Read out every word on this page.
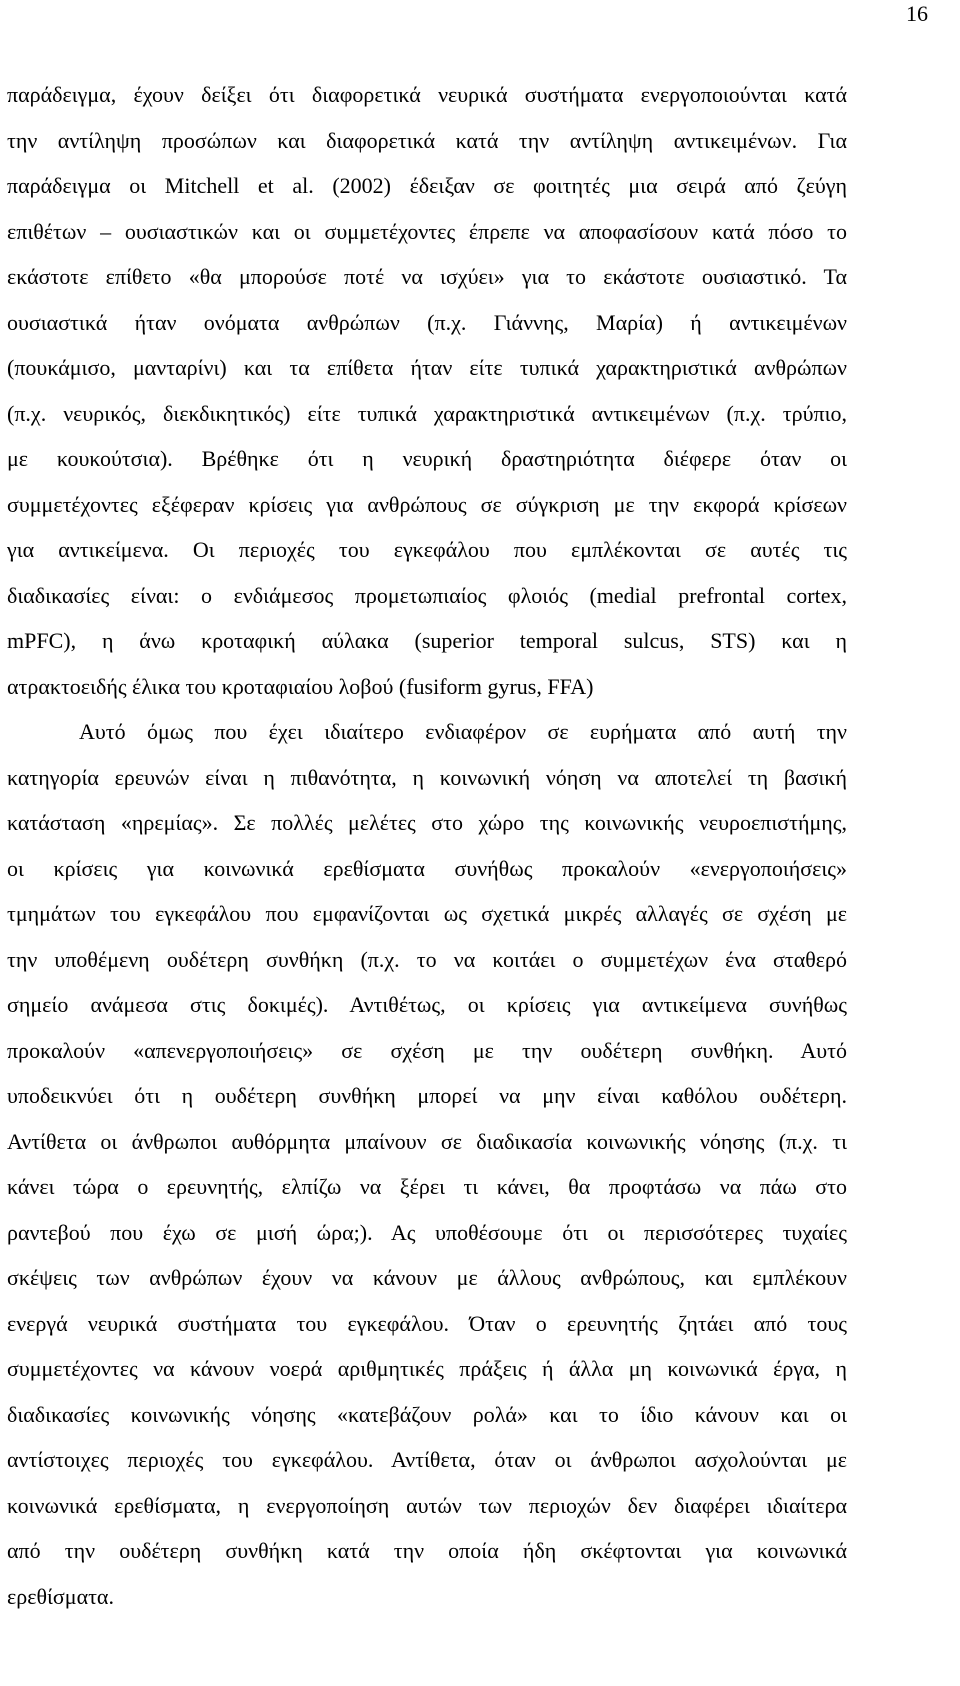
16

παράδειγμα, έχουν δείξει ότι διαφορετικά νευρικά συστήματα ενεργοποιούνται κατά
την αντίληψη προσώπων και διαφορετικά κατά την αντίληψη αντικειμένων. Για
παράδειγμα οι Mitchell et al. (2002) έδειξαν σε φοιτητές μια σειρά από ζεύγη
επιθέτων – ουσιαστικών και οι συμμετέχοντες έπρεπε να αποφασίσουν κατά πόσο το
εκάστοτε επίθετο «θα μπορούσε ποτέ να ισχύει» για το εκάστοτε ουσιαστικό. Τα
ουσιαστικά ήταν ονόματα ανθρώπων (π.χ. Γιάννης, Μαρία) ή αντικειμένων
(πουκάμισο, μανταρίνι) και τα επίθετα ήταν είτε τυπικά χαρακτηριστικά ανθρώπων
(π.χ. νευρικός, διεκδικητικός) είτε τυπικά χαρακτηριστικά αντικειμένων (π.χ. τρύπιο,
με κουκούτσια). Βρέθηκε ότι η νευρική δραστηριότητα διέφερε όταν οι
συμμετέχοντες εξέφεραν κρίσεις για ανθρώπους σε σύγκριση με την εκφορά κρίσεων
για αντικείμενα. Οι περιοχές του εγκεφάλου που εμπλέκονται σε αυτές τις
διαδικασίες είναι: ο ενδιάμεσος προμετωπιαίος φλοιός (medial prefrontal cortex,
mPFC), η άνω κροταφική αύλακα (superior temporal sulcus, STS) και η
ατρακτοειδής έλικα του κροταφιαίου λοβού (fusiform gyrus, FFA)

Αυτό όμως που έχει ιδιαίτερο ενδιαφέρον σε ευρήματα από αυτή την
κατηγορία ερευνών είναι η πιθανότητα, η κοινωνική νόηση να αποτελεί τη βασική
κατάσταση «ηρεμίας». Σε πολλές μελέτες στο χώρο της κοινωνικής νευροεπιστήμης,
οι κρίσεις για κοινωνικά ερεθίσματα συνήθως προκαλούν «ενεργοποιήσεις»
τμημάτων του εγκεφάλου που εμφανίζονται ως σχετικά μικρές αλλαγές σε σχέση με
την υποθέμενη ουδέτερη συνθήκη (π.χ. το να κοιτάει ο συμμετέχων ένα σταθερό
σημείο ανάμεσα στις δοκιμές). Αντιθέτως, οι κρίσεις για αντικείμενα συνήθως
προκαλούν «απενεργοποιήσεις» σε σχέση με την ουδέτερη συνθήκη. Αυτό
υποδεικνύει ότι η ουδέτερη συνθήκη μπορεί να μην είναι καθόλου ουδέτερη.
Αντίθετα οι άνθρωποι αυθόρμητα μπαίνουν σε διαδικασία κοινωνικής νόησης (π.χ. τι
κάνει τώρα ο ερευνητής, ελπίζω να ξέρει τι κάνει, θα προφτάσω να πάω στο
ραντεβού που έχω σε μισή ώρα;). Ας υποθέσουμε ότι οι περισσότερες τυχαίες
σκέψεις των ανθρώπων έχουν να κάνουν με άλλους ανθρώπους, και εμπλέκουν
ενεργά νευρικά συστήματα του εγκεφάλου. Όταν ο ερευνητής ζητάει από τους
συμμετέχοντες να κάνουν νοερά αριθμητικές πράξεις ή άλλα μη κοινωνικά έργα, η
διαδικασίες κοινωνικής νόησης «κατεβάζουν ρολά» και το ίδιο κάνουν και οι
αντίστοιχες περιοχές του εγκεφάλου. Αντίθετα, όταν οι άνθρωποι ασχολούνται με
κοινωνικά ερεθίσματα, η ενεργοποίηση αυτών των περιοχών δεν διαφέρει ιδιαίτερα
από την ουδέτερη συνθήκη κατά την οποία ήδη σκέφτονται για κοινωνικά
ερεθίσματα.
